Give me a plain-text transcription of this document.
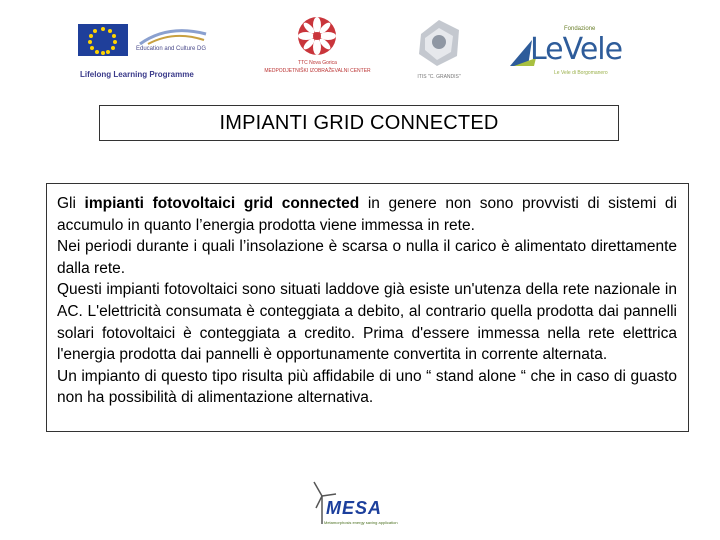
Education and Culture DG
Lifelong Learning Programme
TTC Nova Gorica
MEDPODJETNIŠKI IZOBRAŽEVALNI CENTER
ITIS "C. GRANDIS"
Fondazione
LeVele
Le Vele di Borgomanero
IMPIANTI GRID CONNECTED

Gli impianti fotovoltaici grid connected in genere non sono provvisti di sistemi di accumulo in quanto l’energia prodotta viene immessa in rete.

Nei periodi durante i quali l’insolazione è scarsa o nulla il carico è alimentato direttamente dalla rete.

Questi impianti fotovoltaici sono situati laddove già esiste un'utenza della rete nazionale in AC. L'elettricità consumata è conteggiata a debito, al contrario quella prodotta dai pannelli solari fotovoltaici è conteggiata a credito. Prima d'essere immessa nella rete elettrica l'energia prodotta dai pannelli è opportunamente convertita in corrente alternata.

Un impianto di questo tipo risulta più affidabile di uno “ stand alone “ che in caso di guasto non ha possibilità di alimentazione alternativa.

MESA
Metamorphosis energy saving application
